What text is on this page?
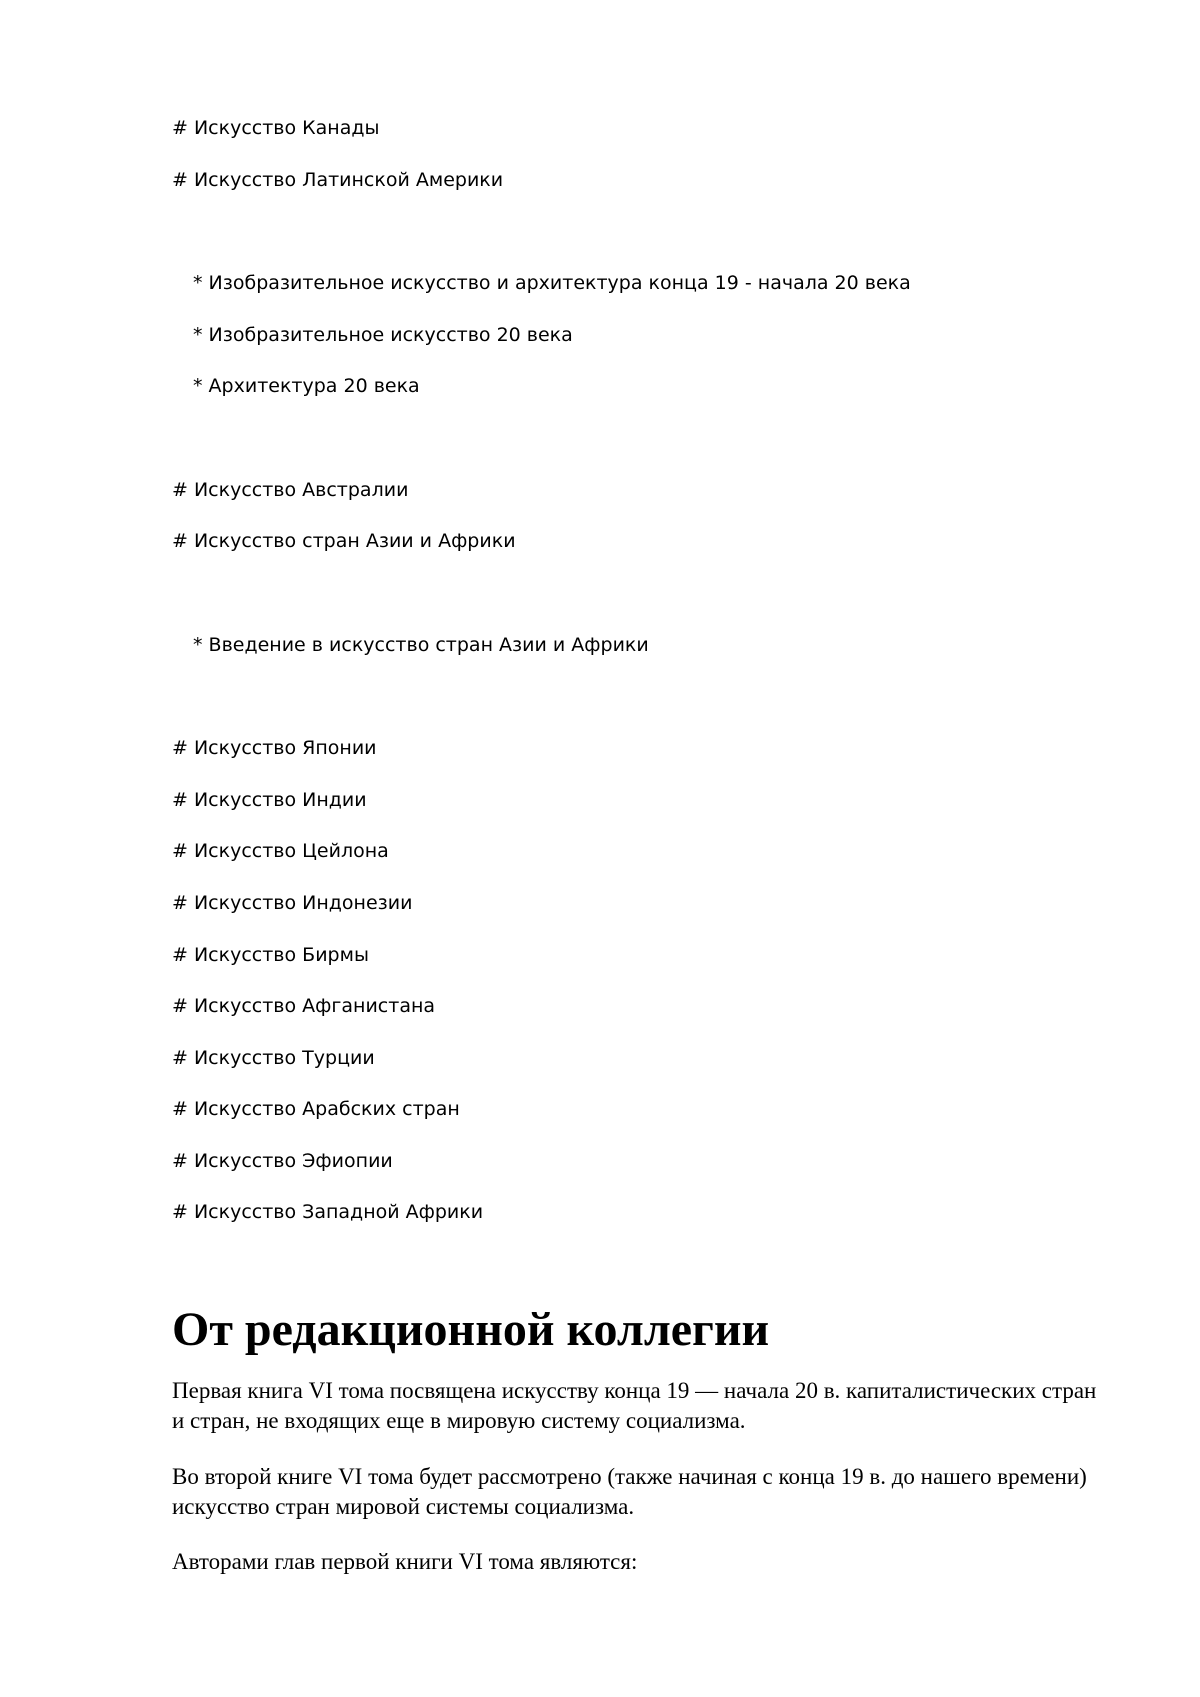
# Искусство Канады
# Искусство Латинской Америки
* Изобразительное искусство и архитектура конца 19 - начала 20 века
* Изобразительное искусство 20 века
* Архитектура 20 века
# Искусство Австралии
# Искусство стран Азии и Африки
* Введение в искусство стран Азии и Африки
# Искусство Японии
# Искусство Индии
# Искусство Цейлона
# Искусство Индонезии
# Искусство Бирмы
# Искусство Афганистана
# Искусство Турции
# Искусство Арабских стран
# Искусство Эфиопии
# Искусство Западной Африки
От редакционной коллегии

Первая книга VI тома посвящена искусству конца 19 — начала 20 в. капиталистических стран и стран, не входящих еще в мировую систему социализма.

Во второй книге VI тома будет рассмотрено (также начиная с конца 19 в. до нашего времени) искусство стран мировой системы социализма.

Авторами глав первой книги VI тома являются:
